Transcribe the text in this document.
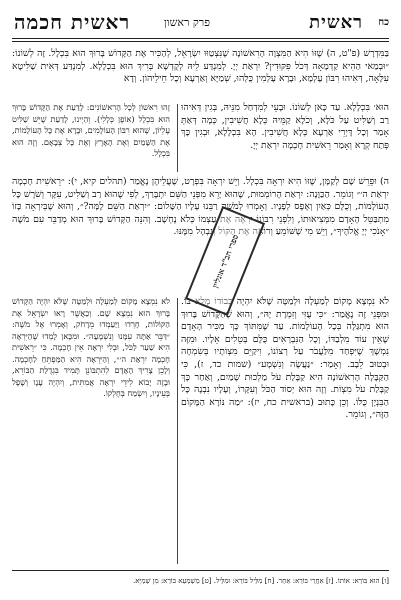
כח
ראשית
פרק ראשון
ראשית חכמה

בַּמִּדְרָשׁ (פ"ט, ה) שֶׁזּוֹ הִיא הַמִּצְוָה הָרִאשׁוֹנָה שֶׁנִּצְטַוּוּ יִשְׂרָאֵל, לְהַכִּיר אֶת הַקָּדוֹשׁ בָּרוּךְ הוּא בִּכְלָל. זֶה לְשׁוֹנוֹ: ״וּבְמַאי הַהִיא קַדְמָאָה דְּכֹל פִּקּוּדִין? יִרְאַת יְיָ. לְמִנְדַּע לֵיהּ לְקֻדְשָׁא בְּרִיךְ הוּא בִּכְלָלָא. לְמִנְדַּע דְּאִית שַׁלִּיטָא עִלָּאָה, דְּאִיהוּ רִבּוֹן עָלְמָא, וּבָרָא עָלְמִין כֻּלְּהוּ, שְׁמַיָּא וְאַרְעָא וְכָל חֵילֵיהוֹן. וְדָא

הוּא׳ בִּכְלָלָא. עַד כָּאן לְשׁוֹנוֹ. וּבָעֵי לְמִדְחַל מִנֵּיהּ, בְּגִין דְּאִיהוּ רַב וְשַׁלִּיט עַל כֹּלָּא, וְכֹלָּא קַמֵּיהּ כְּלָא חֲשִׁיבִין, כְּמָה דְּאַתְּ אָמַר וְכָל דָּיְרֵי אַרְעָא כְּלָא חֲשִׁיבִין. הָא בִּכְלָלָא, וּבְגִין כָּךְ פְּתַח קְרָא וְאָמַר רֵאשִׁית חָכְמָה יִרְאַת יְיָ.

זֶהוּ רִאשׁוֹן לְכָל הָרִאשׁוֹנִים: לָדַעַת אֶת הַקָּדוֹשׁ בָּרוּךְ הוּא בִּכְלָל (אוֹפֶן כְּלָלִי). וְהַיְינוּ, לָדַעַת שֶׁיֵּשׁ שַׁלִּיט עֶלְיוֹן, שֶׁהוּא רִבּוֹן הָעוֹלָמִים, וּבָרָא אֶת כָּל הָעוֹלָמוֹת, אֶת הַשָּׁמַיִם וְאֶת הָאָרֶץ וְאֶת כָּל צְבָאָם. וְזֶה הוּא בִּכְלָל.

ה) וּפֵרֵשׁ שָׁם לְקַמָּן, שֶׁזּוֹ הִיא יִרְאָה בִּכְלָל. וְיֵשׁ יִרְאָה בִּפְרָט, שֶׁעֲלֵיהֶן נֶאֱמַר (תהלים קיא, י): ״רֵאשִׁית חָכְמָה יִרְאַת ה׳״ וְגוֹמֵר. הַכַּוָּנָה: יִרְאַת הָרוֹמְמוּת, שֶׁהוּא יָרֵא מִפְּנֵי הַשֵּׁם יִתְבָּרַךְ, לְפִי שֶׁהוּא רַב וְשַׁלִּיט, עִקָּר וְשֹׁרֶשׁ כָּל הָעוֹלָמוֹת, וְכֻלָּם כְּאַיִן וְאֶפֶס לְפָנָיו. וְאָמְרוּ לְמֹשֶׁה רַבֵּנוּ עָלָיו הַשָּׁלוֹם: ״יִרְאַת הַשֵּׁם לָמָּה?״, וְהוּא שֶׁבְּיִרְאָה כָּזוֹ מִתְבַּטֵּל הָאָדָם מִמְּצִיאוּתוֹ, וְלִפְנֵי רִבּוֹנוֹ יִרְאֶה אֶת עַצְמוֹ כְּלֹא נֶחְשָׁב. וְהִנֵּה הַקָּדוֹשׁ בָּרוּךְ הוּא מְדַבֵּר עִם מֹשֶׁה ״אָנֹכִי יְיָ אֱלֹהֶיךָ״, וְיֵשׁ מִי שֶׁשּׁוֹמֵעַ וְרוֹאֶה אֶת הַקּוֹל וְנִבְהָל מִמֶּנּוּ.

לֹא נִמְצָא מָקוֹם לְמַעְלָה וּלְמַטָּה שֶׁלֹּא יִהְיֶה כְּבוֹדוֹ מָלֵא בּוֹ. וּמִפְּנֵי זֶה נֶאֱמַר: ״כִּי עֻזִּי וְזִמְרָת יָהּ״, וְהוּא שֶׁהַקָּדוֹשׁ בָּרוּךְ הוּא מִתְגַּלֶּה בְּכָל הָעוֹלָמוֹת. עַד שֶׁמִּתּוֹךְ כָּךְ מַכִּיר הָאָדָם שֶׁאֵין עוֹד מִלְבַדּוֹ, וְכָל הַנִּבְרָאִים כֻּלָּם בְּטֵלִים אֵלָיו. וּמִזֶּה נִמְשָׁךְ שֶׁיִּפְחַד מִלַּעֲבֹר עַל רְצוֹנוֹ, וִיקַיֵּם מִצְוֹתָיו בְּשִׂמְחָה וּבְטוּב לֵבָב. וְאָמַר: ״נַעֲשֶׂה וְנִשְׁמָע״ (שמות כד, ז), כִּי הַקַּבָּלָה הָרִאשׁוֹנָה הִיא קַבָּלַת עֹל מַלְכוּת שָׁמַיִם, וְאַחַר כָּךְ קַבָּלַת עֹל מִצְוֹת. וְזֶה הוּא יְסוֹד הַכֹּל וְעִקָּרוֹ, וְעָלָיו נִבְנֶה כָּל הַבִּנְיָן כֻּלּוֹ. וְכֵן כָּתוּב (בראשית כח, יז): ״מַה נּוֹרָא הַמָּקוֹם הַזֶּה״, וְגוֹמֵר.

לֹא נִמְצָא מָקוֹם לְמַעְלָה וּלְמַטָּה שֶׁלֹּא יִהְיֶה הַקָּדוֹשׁ בָּרוּךְ הוּא נִמְצָא שָׁם. וְכַאֲשֶׁר רָאוּ יִשְׂרָאֵל אֶת הַקּוֹלוֹת, חָרְדוּ וַיַּעַמְדוּ מֵרָחֹק, וְאָמְרוּ אֶל מֹשֶׁה: ״דַּבֵּר אַתָּה עִמָּנוּ וְנִשְׁמָעָה״. וּמִכָּאן לָמְדוּ שֶׁהַיִּרְאָה הִיא שַׁעַר לַכֹּל, וּבְלִי יִרְאָה אֵין חָכְמָה. כִּי ״רֵאשִׁית חָכְמָה יִרְאַת ה׳״, וְהַיִּרְאָה הִיא הַמַּפְתֵּחַ לַחָכְמָה. וְלָכֵן צָרִיךְ הָאָדָם לְהִתְבּוֹנֵן תָּמִיד בִּגְדֻלַּת הַבּוֹרֵא, וּבָזֶה יָבוֹא לִידֵי יִרְאָה אֲמִתִּית, וְיִהְיֶה עָנָו וְשָׁפָל בְּעֵינָיו, וְיִשְׂמַח בְּחֶלְקוֹ.

[ו] הוּא בּוֹרֵא: אוֹתוֹ. [ז] אַחֲרֵי בּוֹרֵא: אַחַר. [ח] מִלֵּיל בּוֹרֵא: וּמִלֵּיל. [ט] מַשְׁמְעֵא בּוֹרֵא: מִן שְׁמַיָּא.
ספרי חב"ד אונליין
